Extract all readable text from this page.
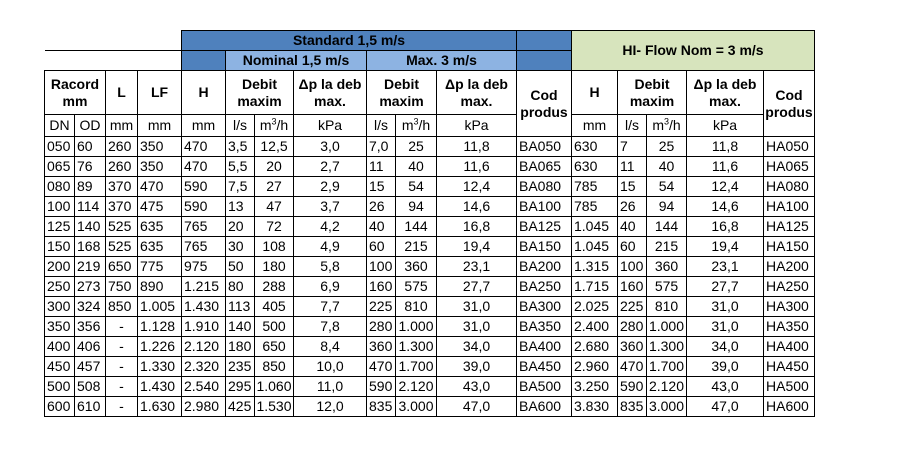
				Standard 1,5 m/s								HI- Flow Nom = 3 m/s				
					Nominal 1,5 m/s			Max. 3 m/s								
Racord mm		L	LF	H	Debit maxim		Δp la deb max.	Debit maxim		Δp la deb max.	Cod produs	H	Debit maxim		Δp la deb max.	Cod produs
DN	OD	mm	mm	mm	l/s	$m^3/h$	kPa	l/s	$m^3/h$	kPa		mm	l/s	$m^3/h$	kPa	
050	60	260	350	470	3,5	12,5	3,0	7,0	25	11,8	BA050	630	7	25	11,8	HA050
065	76	260	350	470	5,5	20	2,7	11	40	11,6	BA065	630	11	40	11,6	HA065
080	89	370	470	590	7,5	27	2,9	15	54	12,4	BA080	785	15	54	12,4	HA080
100	114	370	475	590	13	47	3,7	26	94	14,6	BA100	785	26	94	14,6	HA100
125	140	525	635	765	20	72	4,2	40	144	16,8	BA125	1.045	40	144	16,8	HA125
150	168	525	635	765	30	108	4,9	60	215	19,4	BA150	1.045	60	215	19,4	HA150
200	219	650	775	975	50	180	5,8	100	360	23,1	BA200	1.315	100	360	23,1	HA200
250	273	750	890	1.215	80	288	6,9	160	575	27,7	BA250	1.715	160	575	27,7	HA250
300	324	850	1.005	1.430	113	405	7,7	225	810	31,0	BA300	2.025	225	810	31,0	HA300
350	356	-	1.128	1.910	140	500	7,8	280	1.000	31,0	BA350	2.400	280	1.000	31,0	HA350
400	406	-	1.226	2.120	180	650	8,4	360	1.300	34,0	BA400	2.680	360	1.300	34,0	HA400
450	457	-	1.330	2.320	235	850	10,0	470	1.700	39,0	BA450	2.960	470	1.700	39,0	HA450
500	508	-	1.430	2.540	295	1.060	11,0	590	2.120	43,0	BA500	3.250	590	2.120	43,0	HA500
600	610	-	1.630	2.980	425	1.530	12,0	835	3.000	47,0	BA600	3.830	835	3.000	47,0	HA600
